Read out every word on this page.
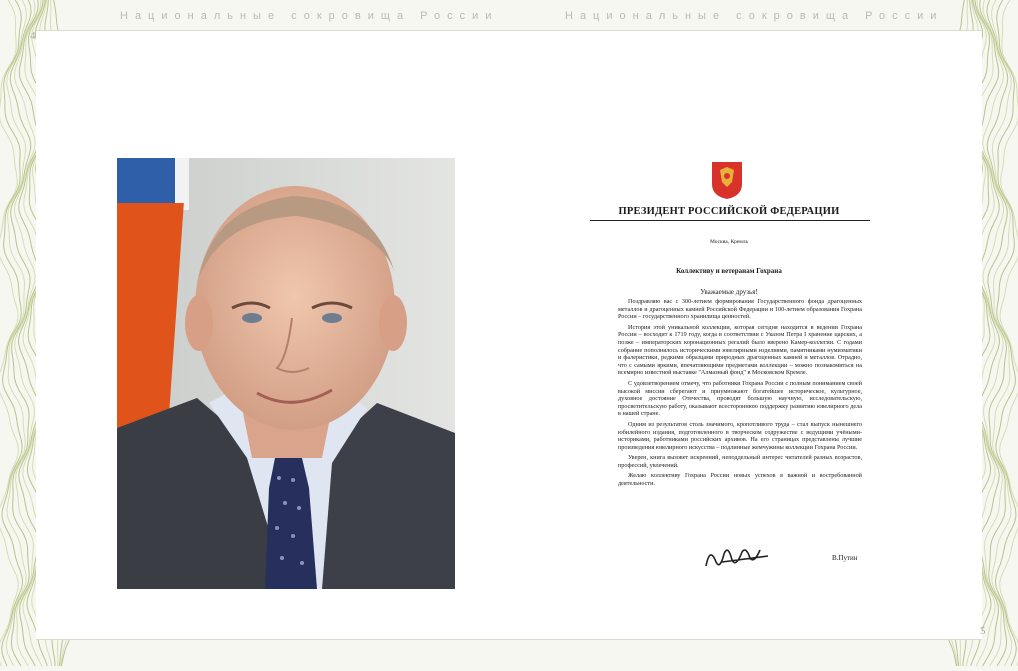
Национальные сокровища России	Национальные сокровища России
4
5
ПРЕЗИДЕНТ РОССИЙСКОЙ ФЕДЕРАЦИИ
Москва, Кремль
Коллективу и ветеранам Гохрана
Уважаемые друзья!

Поздравляю вас с 300-летием формирования Государственного фонда драгоценных металлов и драгоценных камней Российской Федерации и 100-летием образования Гохрана России – государственного хранилища ценностей.

История этой уникальной коллекции, которая сегодня находится в ведении Гохрана России – восходит к 1719 году, когда в соответствии с Указом Петра I хранение царских, а позже – императорских коронационных регалий было вверено Камер-коллегии. С годами собрание пополнялось историческими ювелирными изделиями, памятниками нумизматики и фалеристики, редкими образцами природных драгоценных камней и металлов. Отрадно, что с самыми яркими, впечатляющими предметами коллекции – можно познакомиться на всемирно известной выставке "Алмазный фонд" в Московском Кремле.

С удовлетворением отмечу, что работники Гохрана России с полным пониманием своей высокой миссии сберегают и приумножают богатейшее историческое, культурное, духовное достояние Отечества, проводят большую научную, исследовательскую, просветительскую работу, оказывают всестороннюю поддержку развитию ювелирного дела в нашей стране.

Одним из результатов столь значимого, кропотливого труда – стал выпуск нынешнего юбилейного издания, подготовленного в творческом содружестве с ведущими учёными-историками, работниками российских архивов. На его страницах представлены лучшие произведения ювелирного искусства – подлинные жемчужины коллекции Гохрана России.

Уверен, книга вызовет искренний, неподдельный интерес читателей разных возрастов, профессий, увлечений.

Желаю коллективу Гохрана России новых успехов в важной и востребованной деятельности.

В.Путин
